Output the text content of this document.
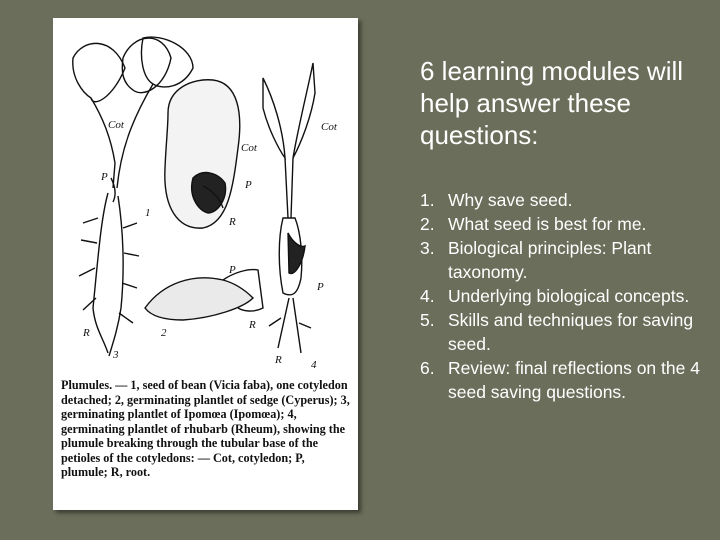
Cot
P
R
3
Cot
P
R
1
P
2
R
Cot
P
R	4
Plumules. — 1, seed of bean (Vicia faba), one cotyledon detached; 2, germinating plantlet of sedge (Cyperus); 3, germinating plantlet of Ipomœa (Ipomœa); 4, germinating plantlet of rhubarb (Rheum), showing the plumule breaking through the tubular base of the petioles of the cotyledons: — Cot, cotyledon; P, plumule; R, root.
6 learning modules will help answer these questions:
1. Why save seed.
2. What seed is best for me.
3. Biological principles: Plant taxonomy.
4. Underlying biological concepts.
5. Skills and techniques for saving seed.
6. Review: final reflections on the 4 seed saving questions.
